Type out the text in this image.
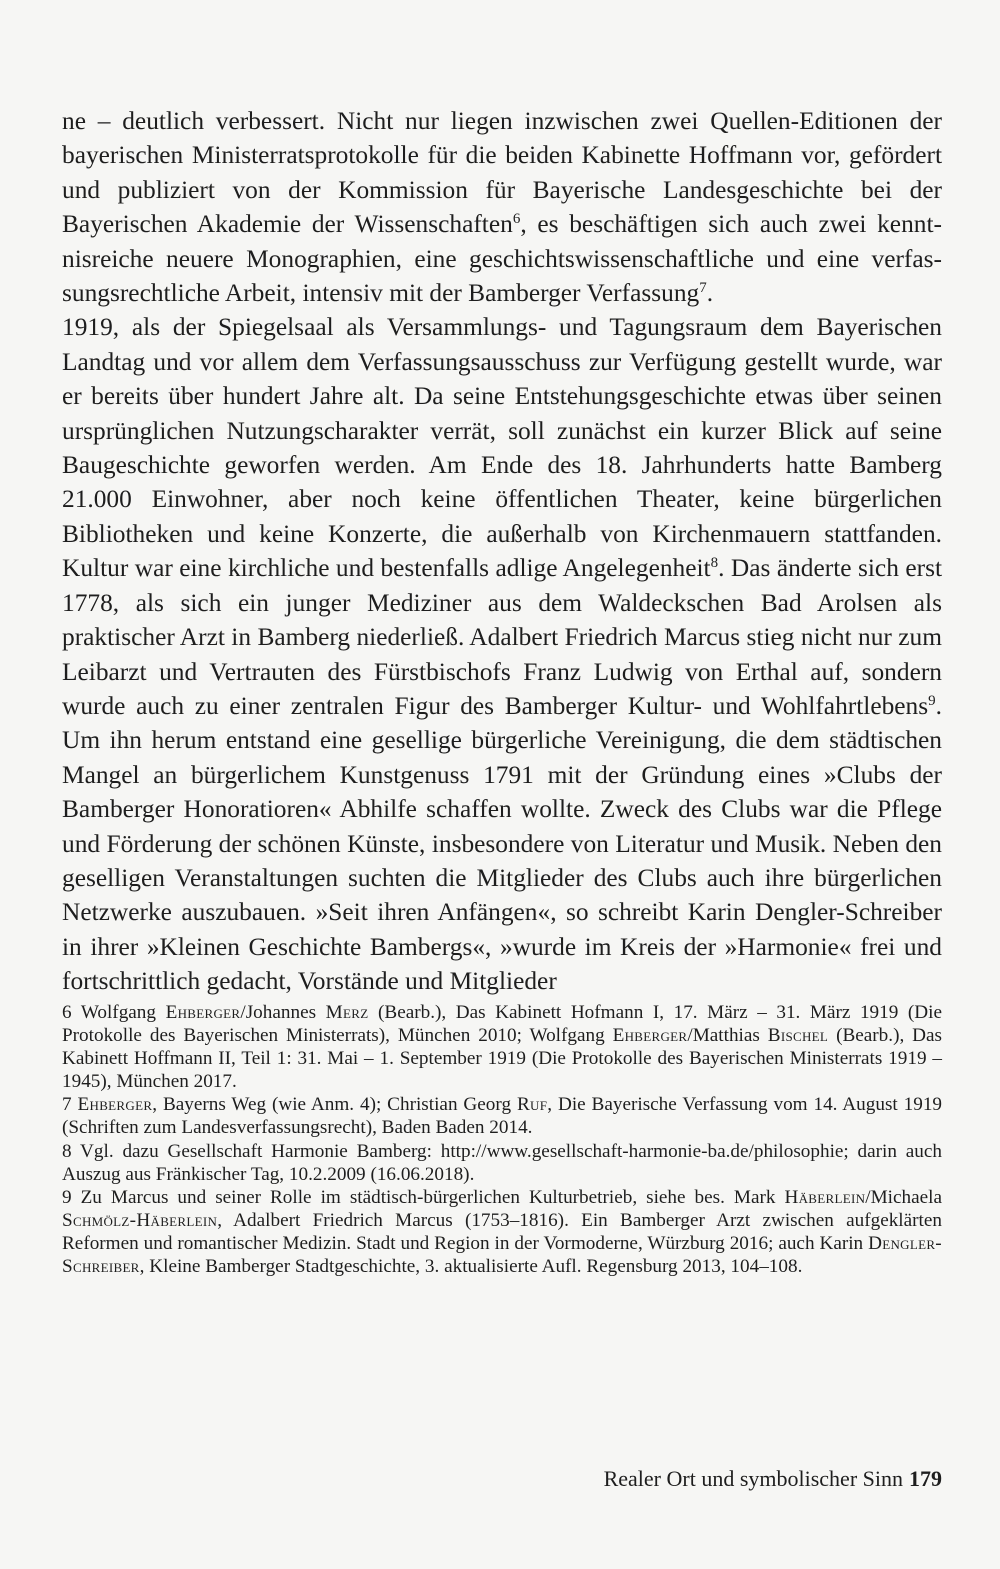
ne – deutlich verbessert. Nicht nur liegen inzwischen zwei Quellen-Editionen der bayerischen Ministerratsprotokolle für die beiden Kabinette Hoffmann vor, gefördert und publiziert von der Kommission für Bayerische Landesgeschichte bei der Bayerischen Akademie der Wissenschaften$^6$, es beschäftigen sich auch zwei kenntnisreiche neuere Monographien, eine geschichtswissenschaftliche und eine verfassungsrechtliche Arbeit, intensiv mit der Bamberger Verfassung$^7$.

1919, als der Spiegelsaal als Versammlungs- und Tagungsraum dem Bayerischen Landtag und vor allem dem Verfassungsausschuss zur Verfügung gestellt wurde, war er bereits über hundert Jahre alt. Da seine Entstehungsgeschichte etwas über seinen ursprünglichen Nutzungscharakter verrät, soll zunächst ein kurzer Blick auf seine Baugeschichte geworfen werden. Am Ende des 18. Jahrhunderts hatte Bamberg 21.000 Einwohner, aber noch keine öffentlichen Theater, keine bürgerlichen Bibliotheken und keine Konzerte, die außerhalb von Kirchenmauern stattfanden. Kultur war eine kirchliche und bestenfalls adlige Angelegenheit$^8$. Das änderte sich erst 1778, als sich ein junger Mediziner aus dem Waldeckschen Bad Arolsen als praktischer Arzt in Bamberg niederließ. Adalbert Friedrich Marcus stieg nicht nur zum Leibarzt und Vertrauten des Fürstbischofs Franz Ludwig von Erthal auf, sondern wurde auch zu einer zentralen Figur des Bamberger Kultur- und Wohlfahrtlebens$^9$. Um ihn herum entstand eine gesellige bürgerliche Vereinigung, die dem städtischen Mangel an bürgerlichem Kunstgenuss 1791 mit der Gründung eines »Clubs der Bamberger Honoratioren« Abhilfe schaffen wollte. Zweck des Clubs war die Pflege und Förderung der schönen Künste, insbesondere von Literatur und Musik. Neben den geselligen Veranstaltungen suchten die Mitglieder des Clubs auch ihre bürgerlichen Netzwerke auszubauen. »Seit ihren Anfängen«, so schreibt Karin Dengler-Schreiber in ihrer »Kleinen Geschichte Bambergs«, »wurde im Kreis der »Harmonie« frei und fortschrittlich gedacht, Vorstände und Mitglieder

6 Wolfgang Ehberger/Johannes Merz (Bearb.), Das Kabinett Hofmann I, 17. März – 31. März 1919 (Die Protokolle des Bayerischen Ministerrats), München 2010; Wolfgang Ehberger/Matthias Bischel (Bearb.), Das Kabinett Hoffmann II, Teil 1: 31. Mai – 1. September 1919 (Die Protokolle des Bayerischen Ministerrats 1919 – 1945), München 2017.

7 Ehberger, Bayerns Weg (wie Anm. 4); Christian Georg Ruf, Die Bayerische Verfassung vom 14. August 1919 (Schriften zum Landesverfassungsrecht), Baden Baden 2014.

8 Vgl. dazu Gesellschaft Harmonie Bamberg: http://www.gesellschaft-harmonie-ba.de/philosophie; darin auch Auszug aus Fränkischer Tag, 10.2.2009 (16.06.2018).

9 Zu Marcus und seiner Rolle im städtisch-bürgerlichen Kulturbetrieb, siehe bes. Mark Häberlein/Michaela Schmölz-Häberlein, Adalbert Friedrich Marcus (1753–1816). Ein Bamberger Arzt zwischen aufgeklärten Reformen und romantischer Medizin. Stadt und Region in der Vormoderne, Würzburg 2016; auch Karin Dengler-Schreiber, Kleine Bamberger Stadtgeschichte, 3. aktualisierte Aufl. Regensburg 2013, 104–108.

Realer Ort und symbolischer Sinn 179
